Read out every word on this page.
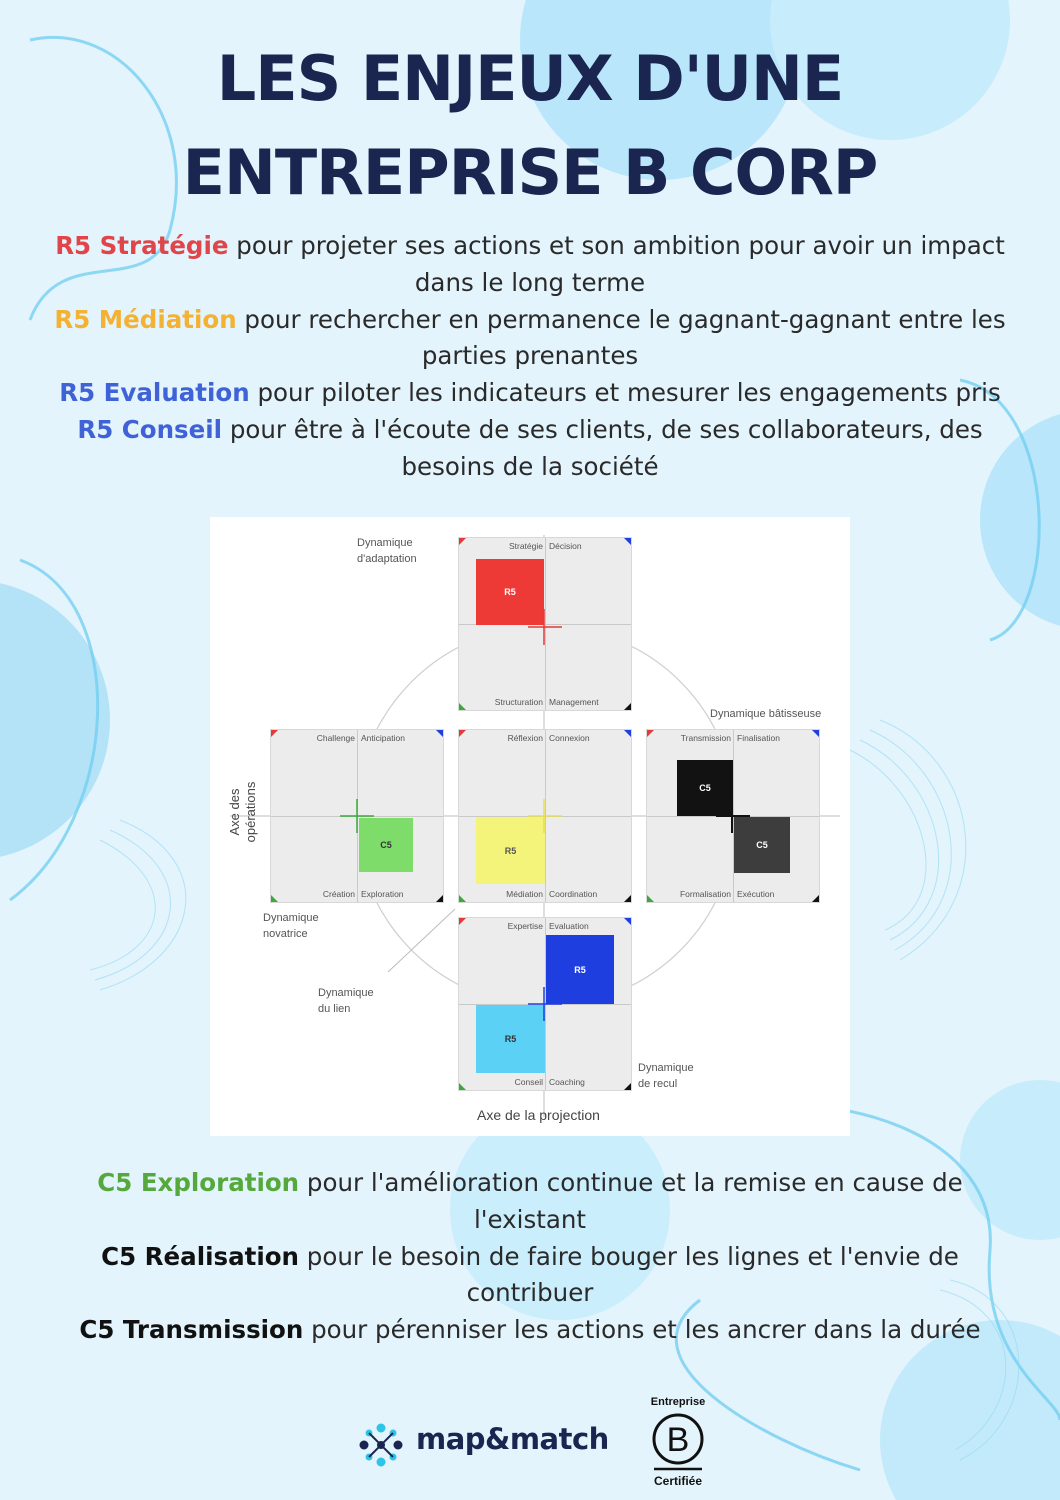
LES ENJEUX D'UNE
ENTREPRISE B CORP
R5 Stratégie pour projeter ses actions et son ambition pour avoir un impact
dans le long terme
R5 Médiation pour rechercher en permanence le gagnant-gagnant entre les
parties prenantes
R5 Evaluation pour piloter les indicateurs et mesurer les engagements pris
R5 Conseil pour être à l'écoute de ses clients, de ses collaborateurs, des
besoins de la société
Stratégie Décision
Structuration Management
R5
Challenge Anticipation
Création Exploration
C5
Réflexion Connexion
Médiation Coordination
R5
Transmission Finalisation
Formalisation Exécution
C5
C5
Expertise Evaluation
Conseil Coaching
R5
R5
Dynamique
d'adaptation
Dynamique bâtisseuse
Dynamique
novatrice
Dynamique
du lien
Dynamique
de recul
Axe de la projection
Axe des opérations
C5 Exploration pour l'amélioration continue et la remise en cause de
l'existant
C5 Réalisation pour le besoin de faire bouger les lignes et l'envie de
contribuer
C5 Transmission pour pérenniser les actions et les ancrer dans la durée
map&match
Entreprise
B
Certifiée
